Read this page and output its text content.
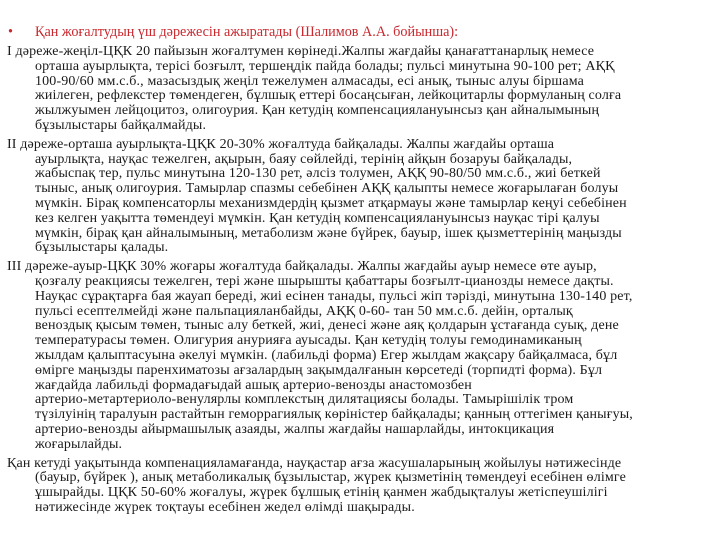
• Қан жоғалтудың үш дәрежесін ажыратады (Шалимов А.А. бойынша):
I дәреже-жеңіл-ЦҚК 20 пайызын жоғалтумен көрінеді.Жалпы жағдайы қанағаттанарлық немесе
орташа ауырлықта, терісі бозғылт, тершеңдік пайда болады; пульсі минутына 90-100 рет; АҚҚ
100-90/60 мм.с.б., мазасыздық жеңіл тежелумен алмасады, есі анық, тыныс алуы біршама
жиілеген, рефлекстер төмендеген, бұлшық еттері босаңсыған, лейкоцитарлы формуланың солға
жылжуымен лейцоцитоз, олигоурия. Қан кетудің компенсациялануынсыз қан айналымының
бұзылыстары байқалмайды.
II дәреже-орташа ауырлықта-ЦҚК 20-30% жоғалтуда байқалады. Жалпы жағдайы орташа
ауырлықта, науқас тежелген, ақырын, баяу сөйлейді, терінің айқын бозаруы байқалады,
жабыспақ тер, пульс минутына 120-130 рет, әлсіз толумен, АҚҚ 90-80/50 мм.с.б., жиі беткей
тыныс, анық олигоурия. Тамырлар спазмы себебінен АҚҚ қалыпты немесе жоғарылаған болуы
мүмкін. Бірақ компенсаторлы механизмдердің қызмет атқармауы және тамырлар кеңуі себебінен
кез келген уақытта төмендеуі мүмкін. Қан кетудің компенсациялануынсыз науқас тірі қалуы
мүмкін, бірақ қан айналымының, метаболизм және бүйрек, бауыр, ішек қызметтерінің маңызды
бұзылыстары қалады.
III дәреже-ауыр-ЦҚК 30% жоғары жоғалтуда байқалады. Жалпы жағдайы ауыр немесе өте ауыр,
қозғалу реакциясы тежелген, тері және шырышты қабаттары бозғылт-цианозды немесе дақты.
Науқас сұрақтарға бая жауап береді, жиі есінен танады, пульсі жіп тәрізді, минутына 130-140 рет,
пульсі есептелмейді және пальпацияланбайды, АҚҚ 0-60- тан 50 мм.с.б. дейін, орталық
веноздық қысым төмен, тыныс алу беткей, жиі, денесі және аяқ қолдарын ұстағанда суық, дене
температурасы төмен. Олигурия анурияға ауысады. Қан кетудің толуы гемодинамиканың
жылдам қалыптасуына әкелуі мүмкін. (лабильді форма) Егер жылдам жақсару байқалмаса, бұл
өмірге маңызды паренхиматозы ағзалардың зақымдалғанын көрсетеді (торпидті форма). Бұл
жағдайда лабильді формадағыдай ашық артерио-венозды анастомозбен
артерио-метартериоло-венулярлы комплекстың дилятациясы болады. Тамырішілік тром
түзілуінің таралуын растайтын геморрагиялық көріністер байқалады; қанның оттегімен қанығуы,
артерио-венозды айырмашылық азаяды, жалпы жағдайы нашарлайды, интокцикация
жоғарылайды.
Қан кетуді уақытында компенацияламағанда, науқастар ағза жасушаларының жойылуы нәтижесінде
(бауыр, бүйрек ), анық метаболикалық бұзылыстар, жүрек қызметінің төмендеуі есебінен өлімге
ұшырайды. ЦҚК 50-60% жоғалуы, жүрек бұлшық етінің қанмен жабдықталуы жетіспеушілігі
нәтижесінде жүрек тоқтауы есебінен жедел өлімді шақырады.
